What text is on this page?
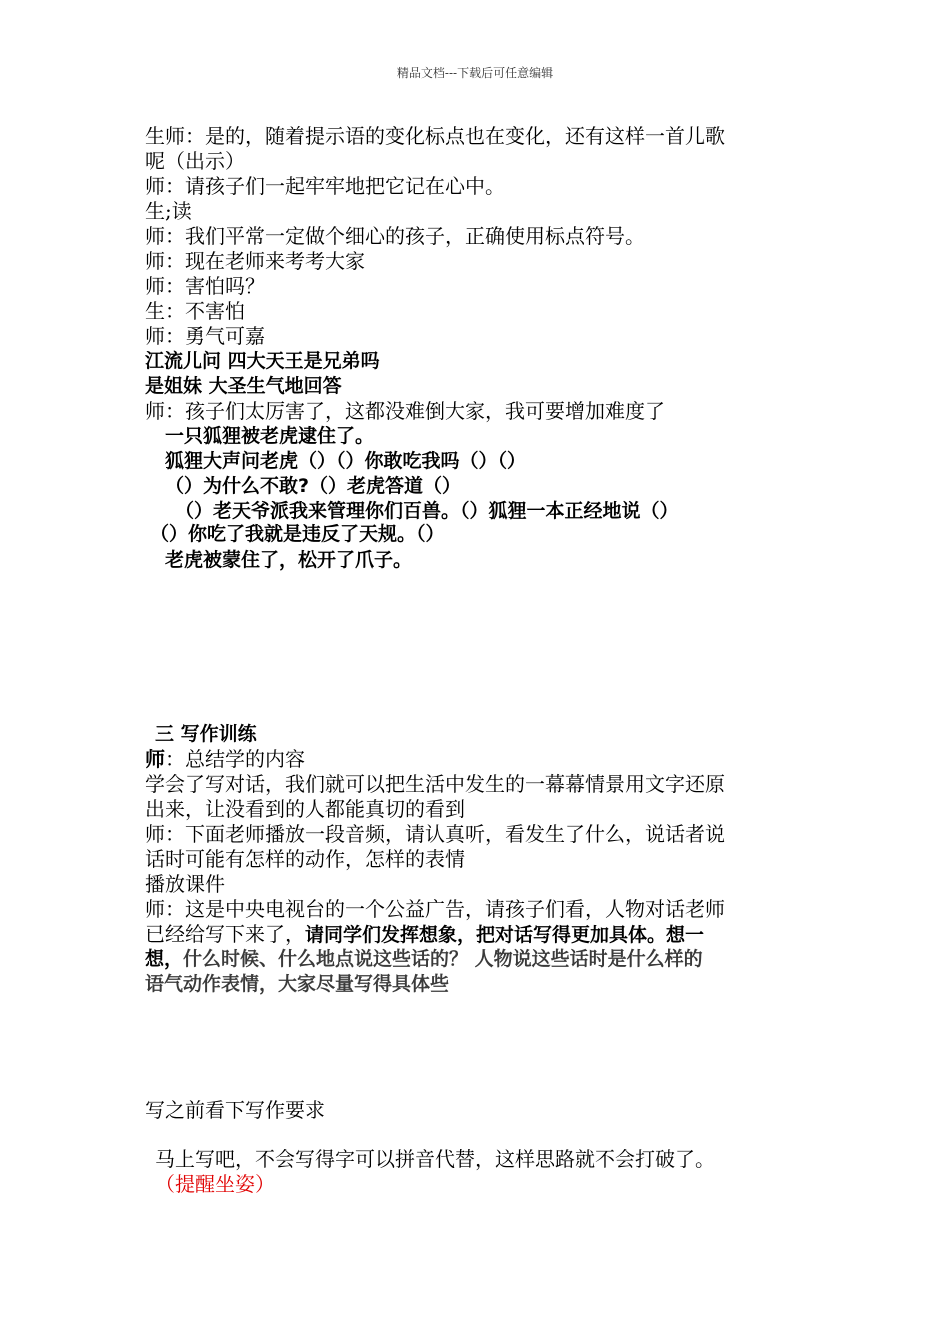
精品文档---下载后可任意编辑
生师：是的，随着提示语的变化标点也在变化，还有这样一首儿歌
呢（出示）
师：请孩子们一起牢牢地把它记在心中。
生;读
师：我们平常一定做个细心的孩子，正确使用标点符号。
师：现在老师来考考大家
师：害怕吗？
生：不害怕
师：勇气可嘉
江流儿问 四大天王是兄弟吗
是姐妹 大圣生气地回答
师：孩子们太厉害了，这都没难倒大家，我可要增加难度了
一只狐狸被老虎逮住了。
狐狸大声问老虎（）（）你敢吃我吗（）（）
（）为什么不敢?（）老虎答道（）
（）老天爷派我来管理你们百兽。（）狐狸一本正经地说（）
（）你吃了我就是违反了天规。（）
老虎被蒙住了，松开了爪子。
三 写作训练
师：总结学的内容
学会了写对话，我们就可以把生活中发生的一幕幕情景用文字还原
出来，让没看到的人都能真切的看到
师：下面老师播放一段音频，请认真听，看发生了什么，说话者说
话时可能有怎样的动作，怎样的表情
播放课件
师：这是中央电视台的一个公益广告，请孩子们看，人物对话老师
已经给写下来了，请同学们发挥想象，把对话写得更加具体。想一
想，什么时候、什么地点说这些话的？ 人物说这些话时是什么样的
语气动作表情，大家尽量写得具体些
写之前看下写作要求
马上写吧，不会写得字可以拼音代替，这样思路就不会打破了。
（提醒坐姿）
